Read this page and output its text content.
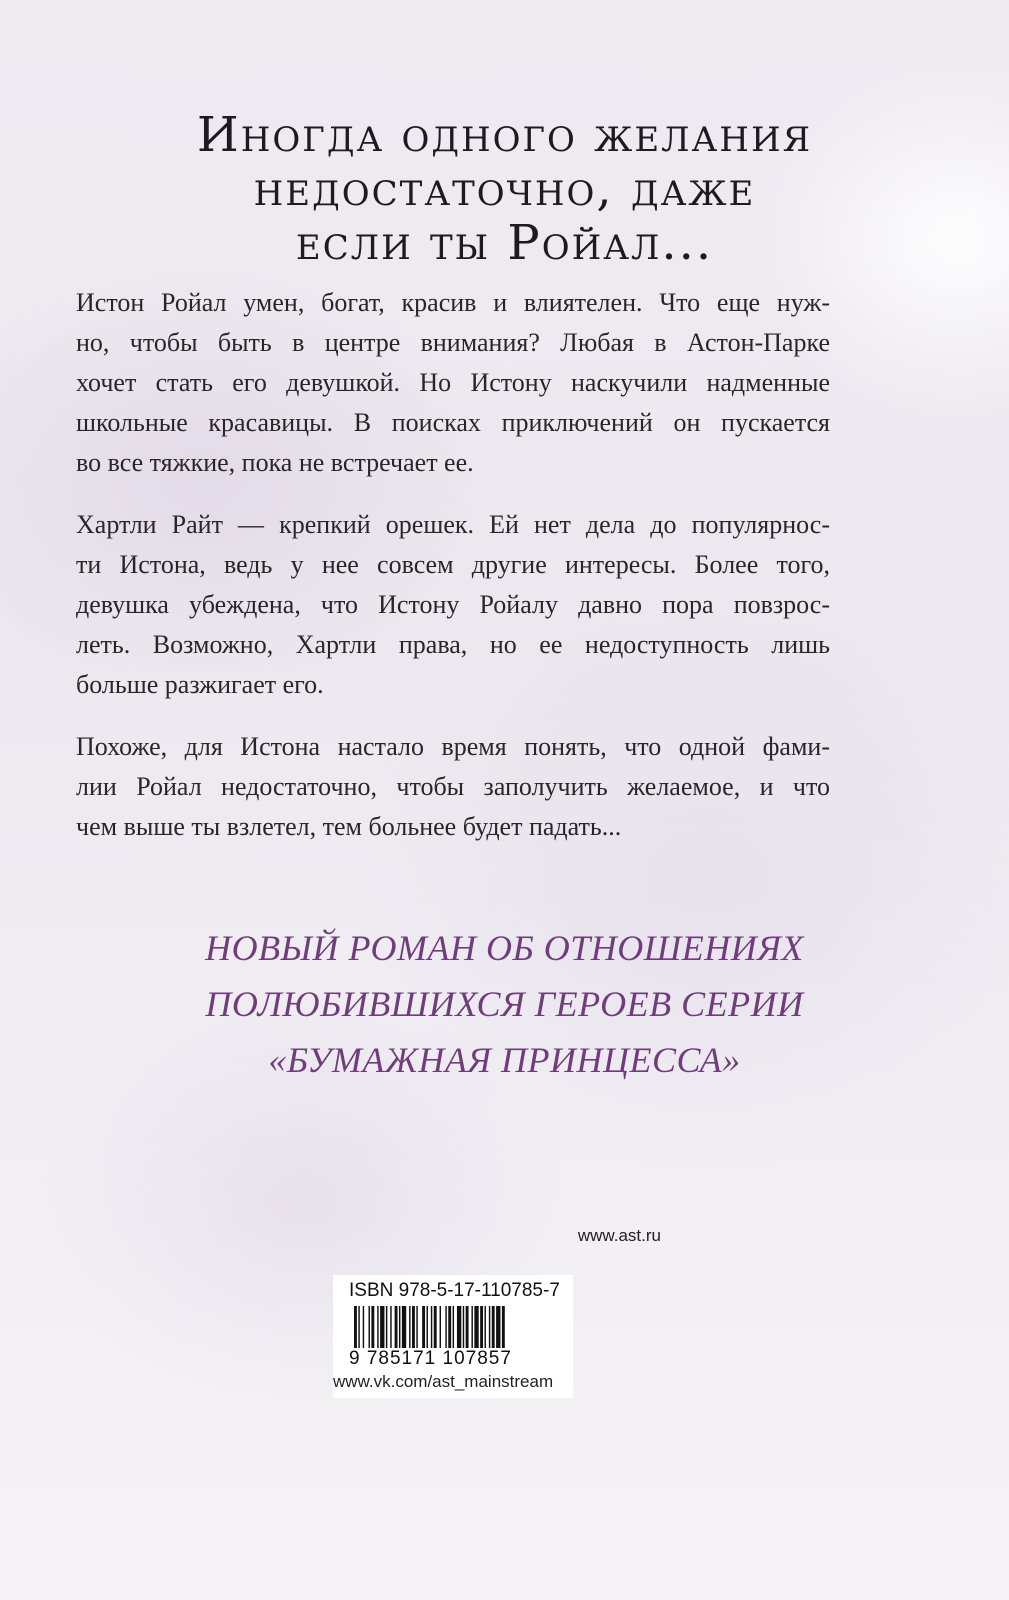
Иногда одного желания
недостаточно, даже
если ты Ройал...
Истон Ройал умен, богат, красив и влиятелен. Что еще нуж-
но, чтобы быть в центре внимания? Любая в Астон-Парке
хочет стать его девушкой. Но Истону наскучили надменные
школьные красавицы. В поисках приключений он пускается
во все тяжкие, пока не встречает ее.
Хартли Райт — крепкий орешек. Ей нет дела до популярнос-
ти Истона, ведь у нее совсем другие интересы. Более того,
девушка убеждена, что Истону Ройалу давно пора повзрос-
леть. Возможно, Хартли права, но ее недоступность лишь
больше разжигает его.
Похоже, для Истона настало время понять, что одной фами-
лии Ройал недостаточно, чтобы заполучить желаемое, и что
чем выше ты взлетел, тем больнее будет падать...
НОВЫЙ РОМАН ОБ ОТНОШЕНИЯХ
ПОЛЮБИВШИХСЯ ГЕРОЕВ СЕРИИ
«БУМАЖНАЯ ПРИНЦЕССА»
www.ast.ru
ISBN 978-5-17-110785-7
9 785171 107857
www.vk.com/ast_mainstream
